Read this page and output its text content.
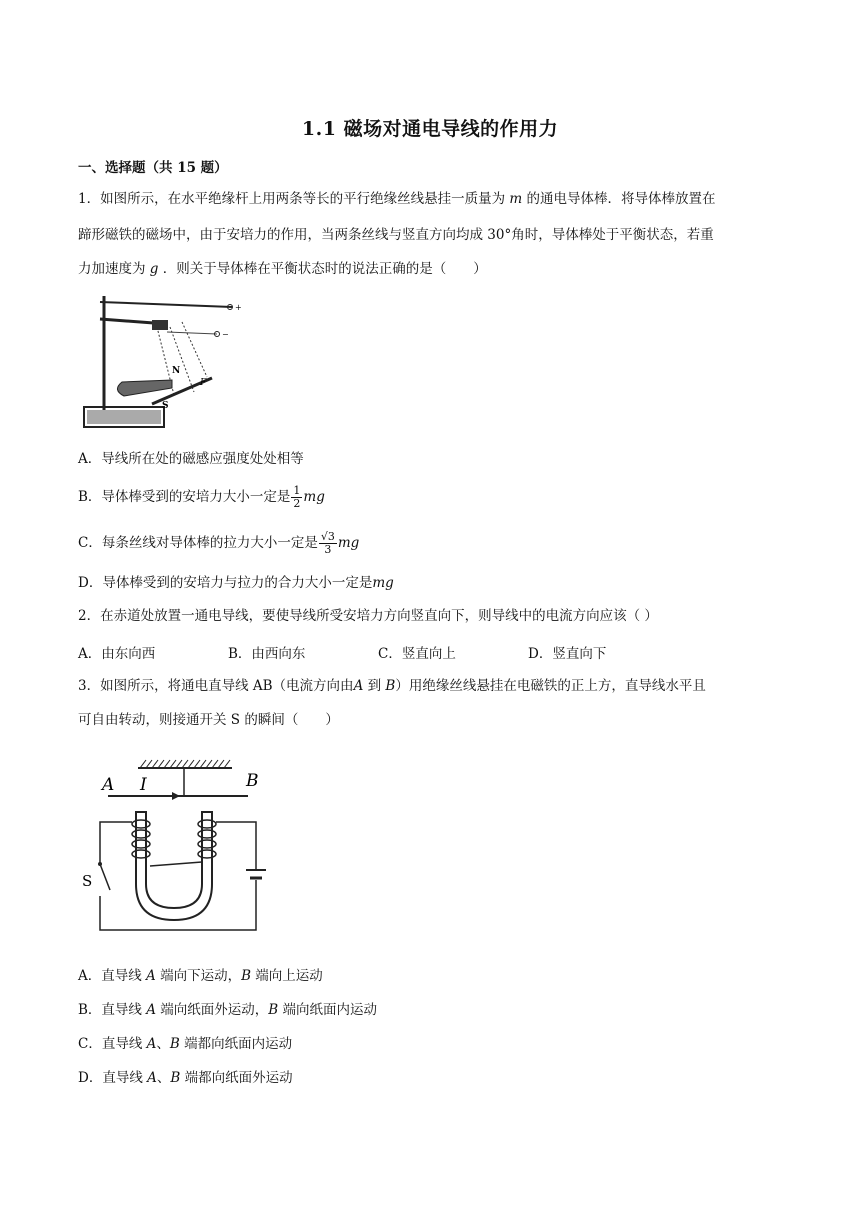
1.1 磁场对通电导线的作用力
一、选择题（共 15 题）
1．如图所示，在水平绝缘杆上用两条等长的平行绝缘丝线悬挂一质量为 m 的通电导体棒．将导体棒放置在
蹄形磁铁的磁场中，由于安培力的作用，当两条丝线与竖直方向均成 30°角时，导体棒处于平衡状态，若重
力加速度为 g ．则关于导体棒在平衡状态时的说法正确的是（　　）
+
−
N
S
F
A．导线所在处的磁感应强度处处相等
B．导体棒受到的安培力大小一定是 $\frac{1}{2}$ mg
C．每条丝线对导体棒的拉力大小一定是 $\frac{√3}{3}$ mg
D．导体棒受到的安培力与拉力的合力大小一定是mg
2．在赤道处放置一通电导线，要使导线所受安培力方向竖直向下，则导线中的电流方向应该（ ）
A．由东向西	B．由西向东	C．竖直向上	D．竖直向下
3．如图所示，将通电直导线 AB（电流方向由A 到 B）用绝缘丝线悬挂在电磁铁的正上方，直导线水平且
可自由转动，则接通开关 S 的瞬间（　　）
A I	B
S
A．直导线 A 端向下运动，B 端向上运动
B．直导线 A 端向纸面外运动，B 端向纸面内运动
C．直导线 A、B 端都向纸面内运动
D．直导线 A、B 端都向纸面外运动
